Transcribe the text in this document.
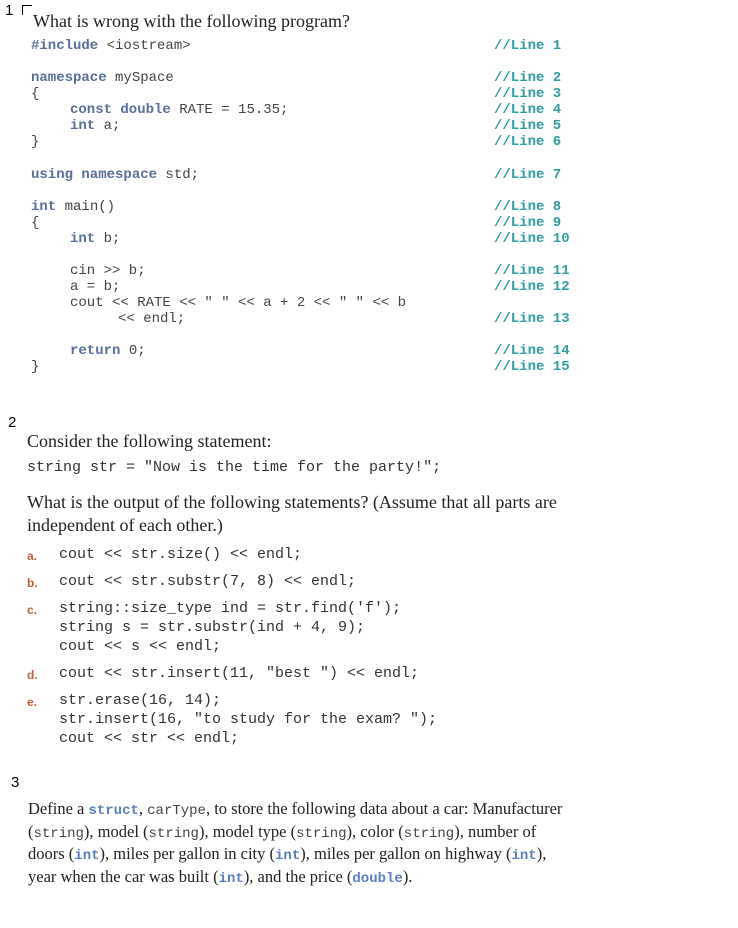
1
What is wrong with the following program?
#include <iostream>	//Line 1
namespace mySpace	//Line 2
{	//Line 3
const double RATE = 15.35;	//Line 4
int a;	//Line 5
}	//Line 6
using namespace std;	//Line 7
int main()	//Line 8
{	//Line 9
int b;	//Line 10
cin >> b;	//Line 11
a = b;	//Line 12
cout << RATE << " " << a + 2 << " " << b
<< endl;	//Line 13
return 0;	//Line 14
}	//Line 15
2
Consider the following statement:
string str = "Now is the time for the party!";
What is the output of the following statements? (Assume that all parts are independent of each other.)
a. cout << str.size() << endl;
b. cout << str.substr(7, 8) << endl;
c. string::size_type ind = str.find('f');
string s = str.substr(ind + 4, 9);
cout << s << endl;
d. cout << str.insert(11, "best ") << endl;
e. str.erase(16, 14);
str.insert(16, "to study for the exam? ");
cout << str << endl;
3
Define a struct, carType, to store the following data about a car: Manufacturer (string), model (string), model type (string), color (string), number of doors (int), miles per gallon in city (int), miles per gallon on highway (int), year when the car was built (int), and the price (double).
